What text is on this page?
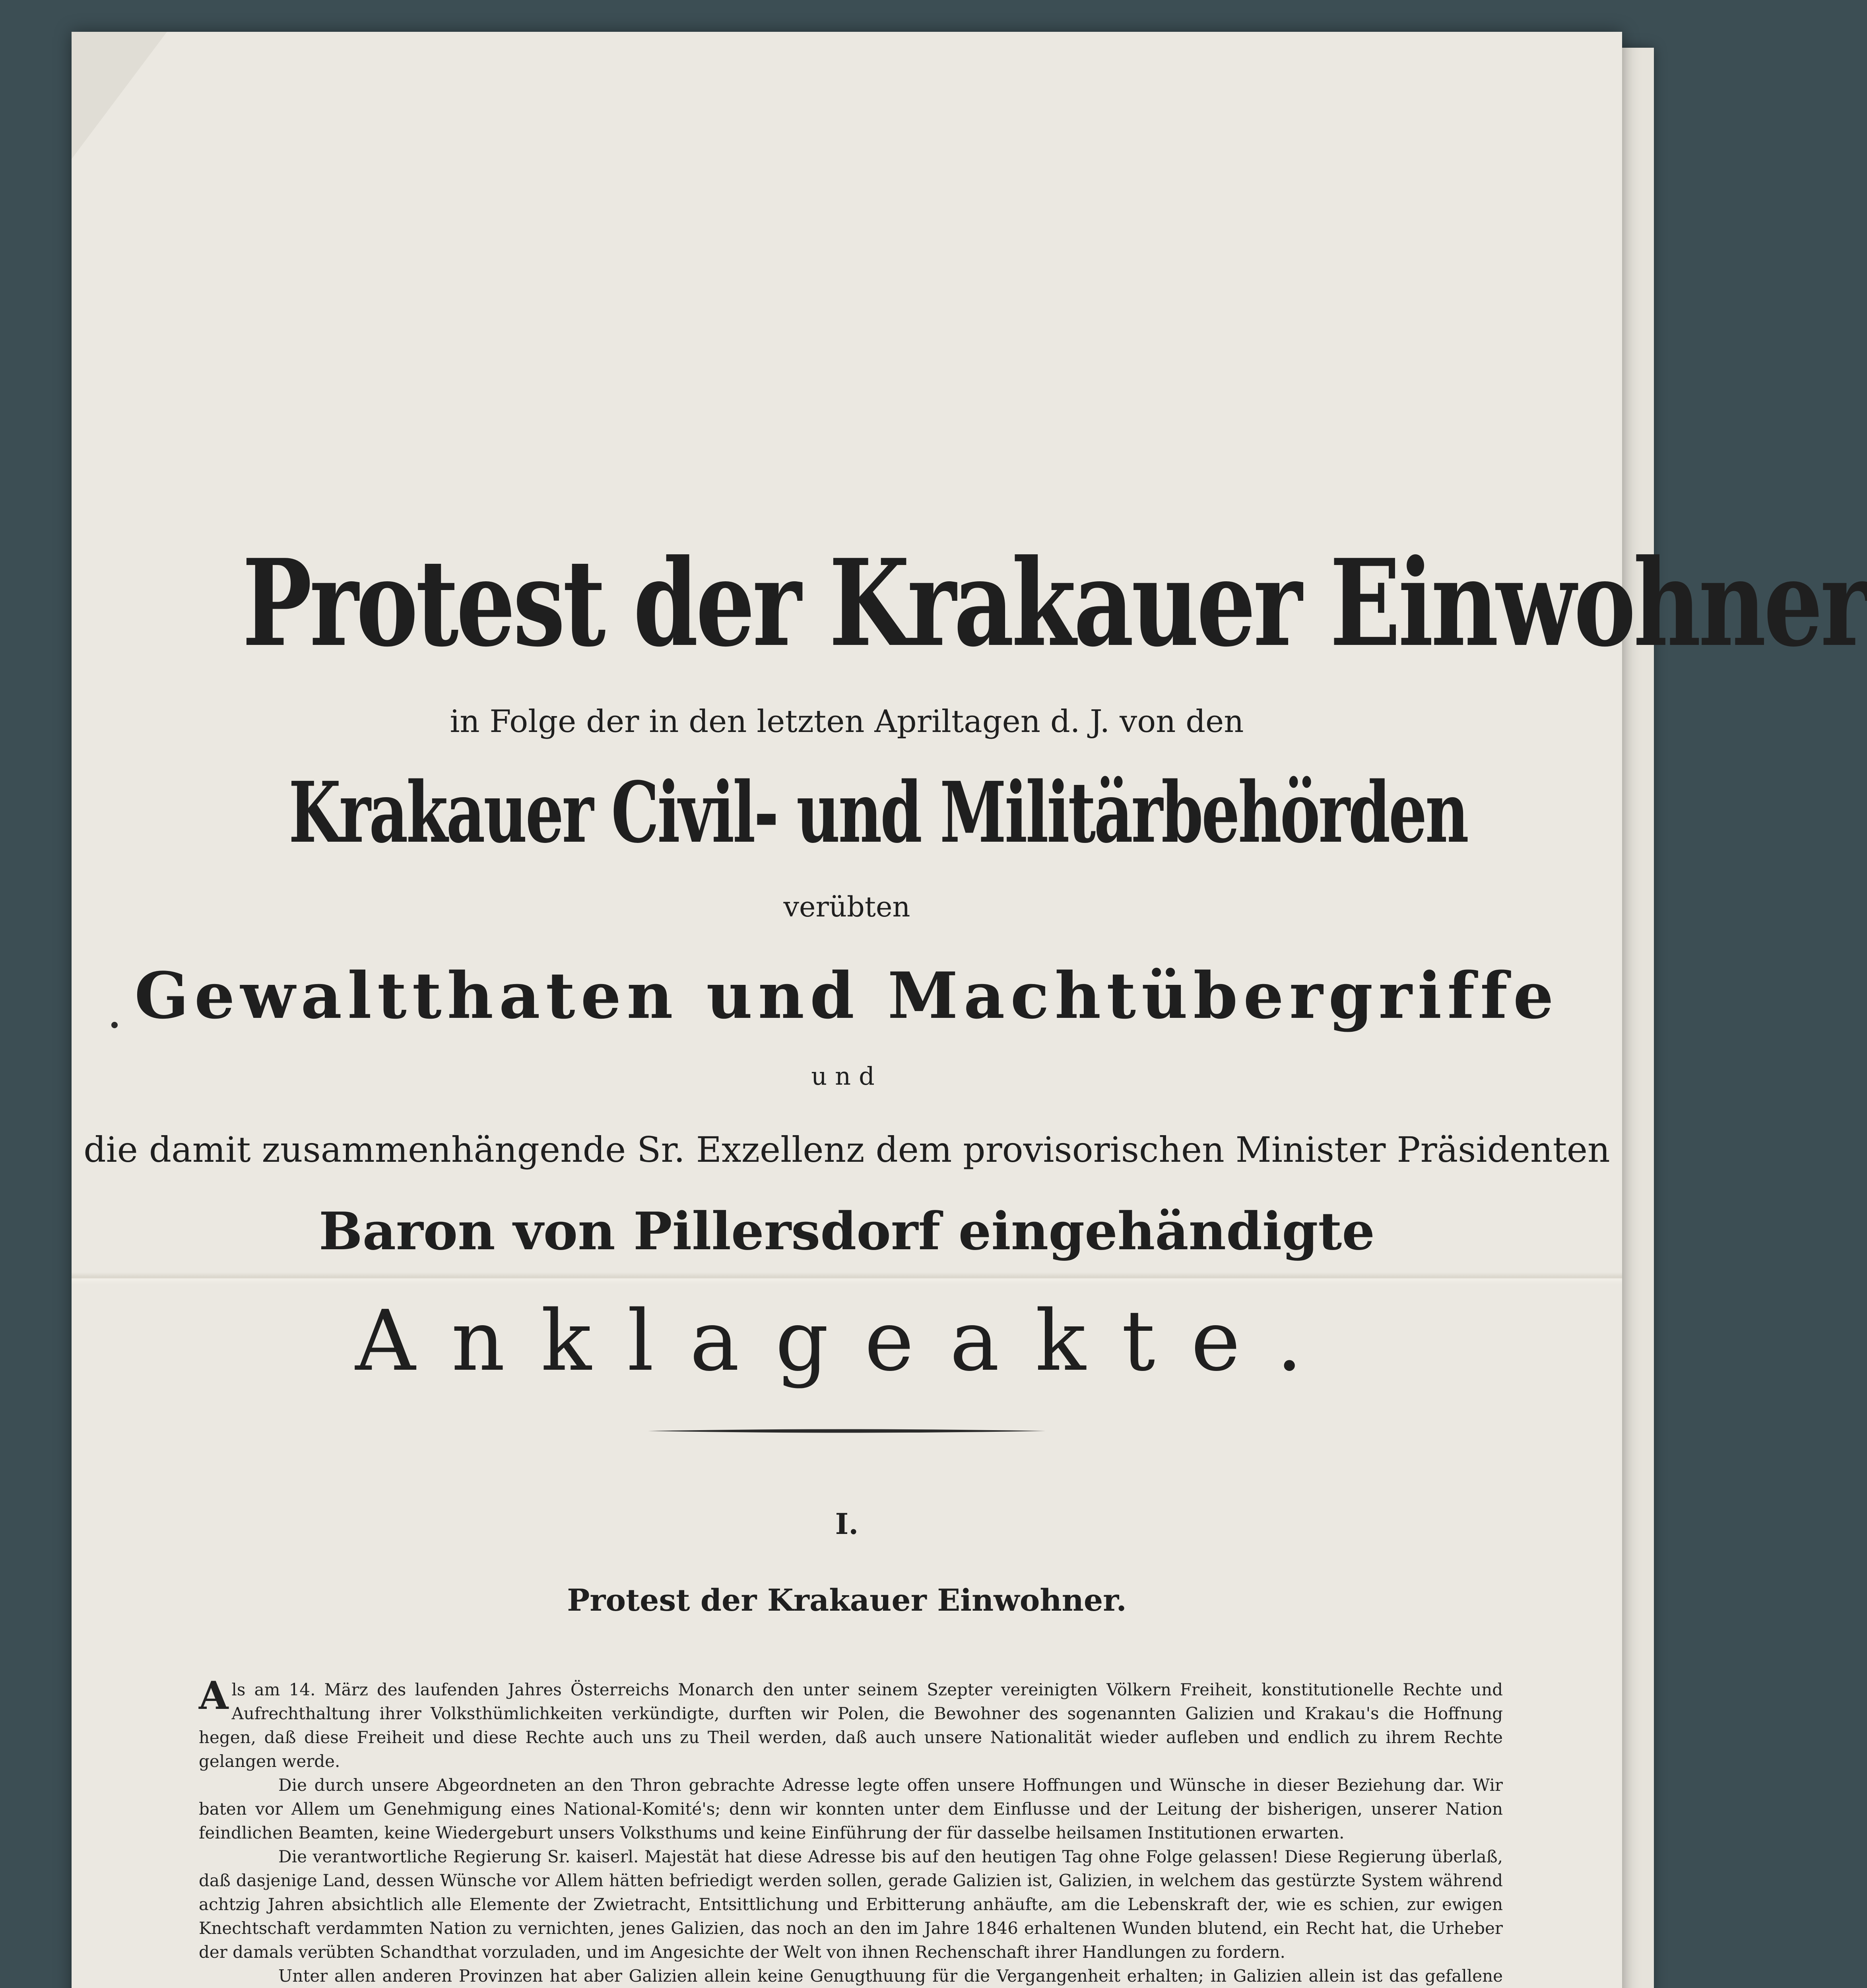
Protest der Krakauer Einwohner
in Folge der in den letzten Apriltagen d. J. von den
Krakauer Civil- und Militärbehörden
verübten
Gewaltthaten und Machtübergriffe
und
die damit zusammenhängende Sr. Exzellenz dem provisorischen Minister Präsidenten
Baron von Pillersdorf eingehändigte
Anklageakte.
I.
Protest der Krakauer Einwohner.

Als am 14. März des laufenden Jahres Österreichs Monarch den unter seinem Szepter vereinigten Völkern Freiheit, konstitutionelle Rechte und Aufrechthaltung ihrer Volksthümlichkeiten verkündigte, durften wir Polen, die Bewohner des sogenannten Galizien und Krakau's die Hoffnung hegen, daß diese Freiheit und diese Rechte auch uns zu Theil werden, daß auch unsere Nationalität wieder aufleben und endlich zu ihrem Rechte gelangen werde.

Die durch unsere Abgeordneten an den Thron gebrachte Adresse legte offen unsere Hoffnungen und Wünsche in dieser Beziehung dar. Wir baten vor Allem um Genehmigung eines National-Komité's; denn wir konnten unter dem Einflusse und der Leitung der bisherigen, unserer Nation feindlichen Beamten, keine Wiedergeburt unsers Volksthums und keine Einführung der für dasselbe heilsamen Institutionen erwarten.

Die verantwortliche Regierung Sr. kaiserl. Majestät hat diese Adresse bis auf den heutigen Tag ohne Folge gelassen! Diese Regierung überlaß, daß dasjenige Land, dessen Wünsche vor Allem hätten befriedigt werden sollen, gerade Galizien ist, Galizien, in welchem das gestürzte System während achtzig Jahren absichtlich alle Elemente der Zwietracht, Entsittlichung und Erbitterung anhäufte, am die Lebenskraft der, wie es schien, zur ewigen Knechtschaft verdammten Nation zu vernichten, jenes Galizien, das noch an den im Jahre 1846 erhaltenen Wunden blutend, ein Recht hat, die Urheber der damals verübten Schandthat vorzuladen, und im Angesichte der Welt von ihnen Rechenschaft ihrer Handlungen zu fordern.

Unter allen anderen Provinzen hat aber Galizien allein keine Genugthuung für die Vergangenheit erhalten; in Galizien allein ist das gefallene
